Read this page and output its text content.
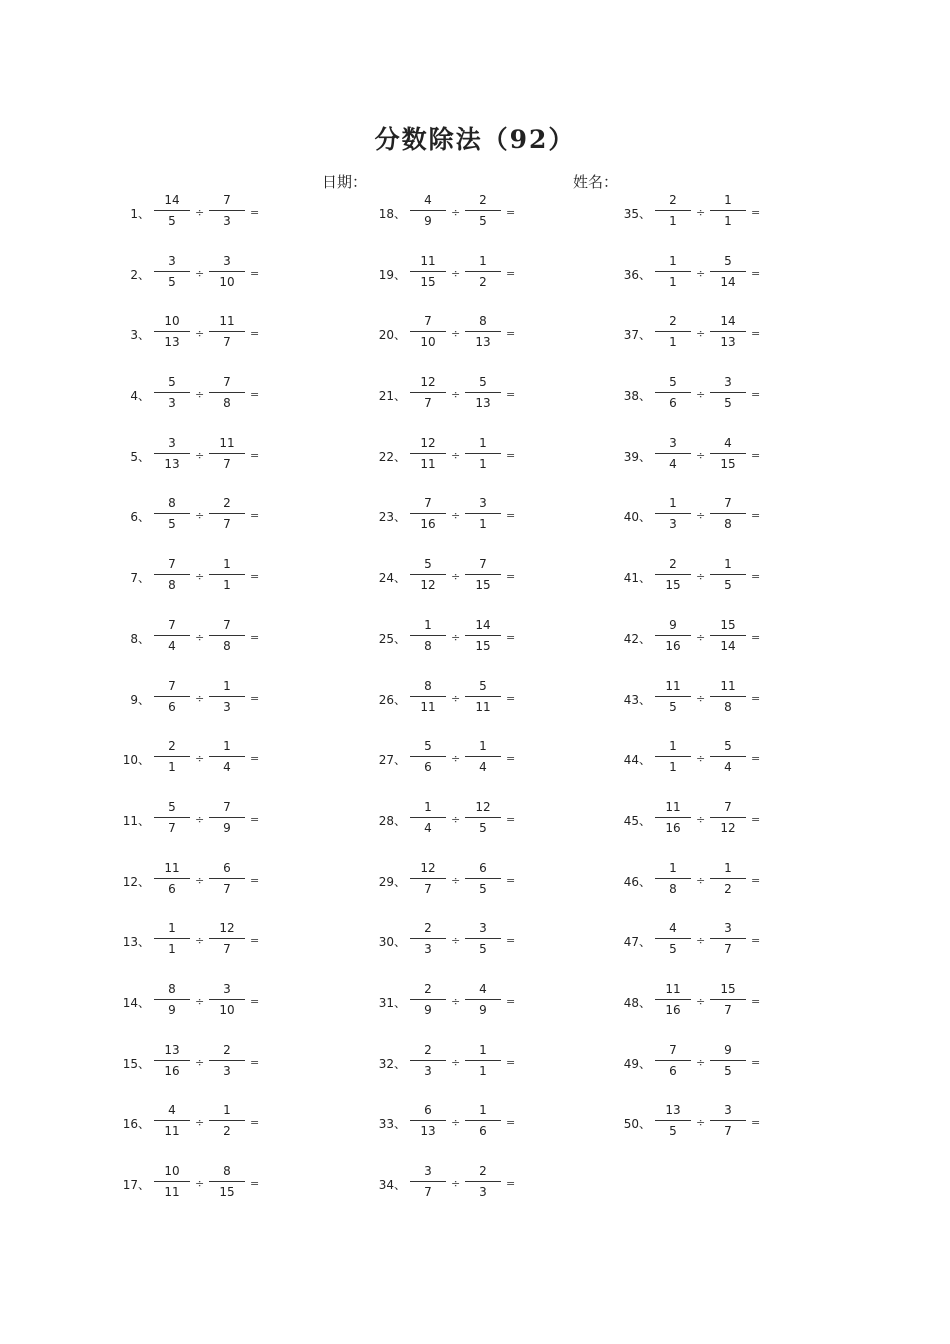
分数除法（92）
日期：	姓名：
1、
14
5
÷
7
3
=
2、
3
5
÷
3
10
=
3、
10
13
÷
11
7
=
4、
5
3
÷
7
8
=
5、
3
13
÷
11
7
=
6、
8
5
÷
2
7
=
7、
7
8
÷
1
1
=
8、
7
4
÷
7
8
=
9、
7
6
÷
1
3
=
10、
2
1
÷
1
4
=
11、
5
7
÷
7
9
=
12、
11
6
÷
6
7
=
13、
1
1
÷
12
7
=
14、
8
9
÷
3
10
=
15、
13
16
÷
2
3
=
16、
4
11
÷
1
2
=
17、
10
11
÷
8
15
=
18、
4
9
÷
2
5
=
19、
11
15
÷
1
2
=
20、
7
10
÷
8
13
=
21、
12
7
÷
5
13
=
22、
12
11
÷
1
1
=
23、
7
16
÷
3
1
=
24、
5
12
÷
7
15
=
25、
1
8
÷
14
15
=
26、
8
11
÷
5
11
=
27、
5
6
÷
1
4
=
28、
1
4
÷
12
5
=
29、
12
7
÷
6
5
=
30、
2
3
÷
3
5
=
31、
2
9
÷
4
9
=
32、
2
3
÷
1
1
=
33、
6
13
÷
1
6
=
34、
3
7
÷
2
3
=
35、
2
1
÷
1
1
=
36、
1
1
÷
5
14
=
37、
2
1
÷
14
13
=
38、
5
6
÷
3
5
=
39、
3
4
÷
4
15
=
40、
1
3
÷
7
8
=
41、
2
15
÷
1
5
=
42、
9
16
÷
15
14
=
43、
11
5
÷
11
8
=
44、
1
1
÷
5
4
=
45、
11
16
÷
7
12
=
46、
1
8
÷
1
2
=
47、
4
5
÷
3
7
=
48、
11
16
÷
15
7
=
49、
7
6
÷
9
5
=
50、
13
5
÷
3
7
=
